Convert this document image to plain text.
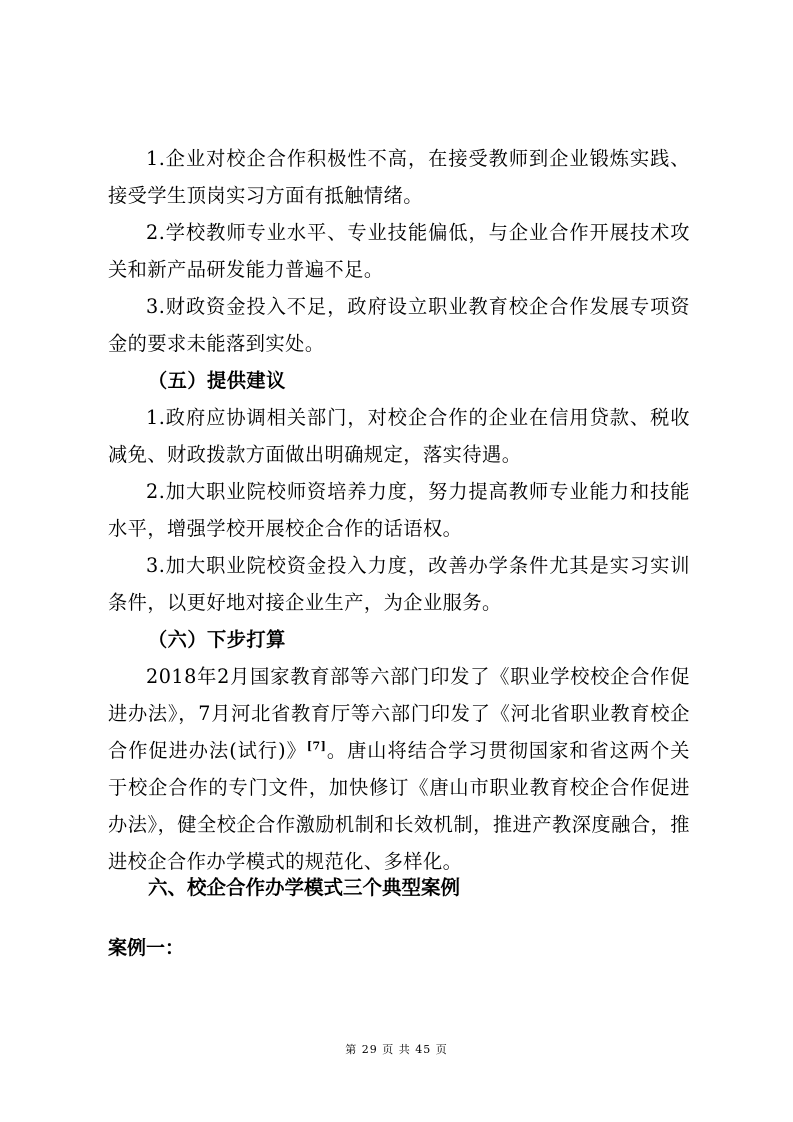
1.企业对校企合作积极性不高，在接受教师到企业锻炼实践、接受学生顶岗实习方面有抵触情绪。

2.学校教师专业水平、专业技能偏低，与企业合作开展技术攻关和新产品研发能力普遍不足。

3.财政资金投入不足，政府设立职业教育校企合作发展专项资金的要求未能落到实处。

（五）提供建议

1.政府应协调相关部门，对校企合作的企业在信用贷款、税收减免、财政拨款方面做出明确规定，落实待遇。

2.加大职业院校师资培养力度，努力提高教师专业能力和技能水平，增强学校开展校企合作的话语权。

3.加大职业院校资金投入力度，改善办学条件尤其是实习实训条件，以更好地对接企业生产，为企业服务。

（六）下步打算

2018年2月国家教育部等六部门印发了《职业学校校企合作促进办法》，7月河北省教育厅等六部门印发了《河北省职业教育校企合作促进办法(试行)》[7]。唐山将结合学习贯彻国家和省这两个关于校企合作的专门文件，加快修订《唐山市职业教育校企合作促进办法》，健全校企合作激励机制和长效机制，推进产教深度融合，推进校企合作办学模式的规范化、多样化。

六、校企合作办学模式三个典型案例
案例一：
第 29 页 共 45 页
